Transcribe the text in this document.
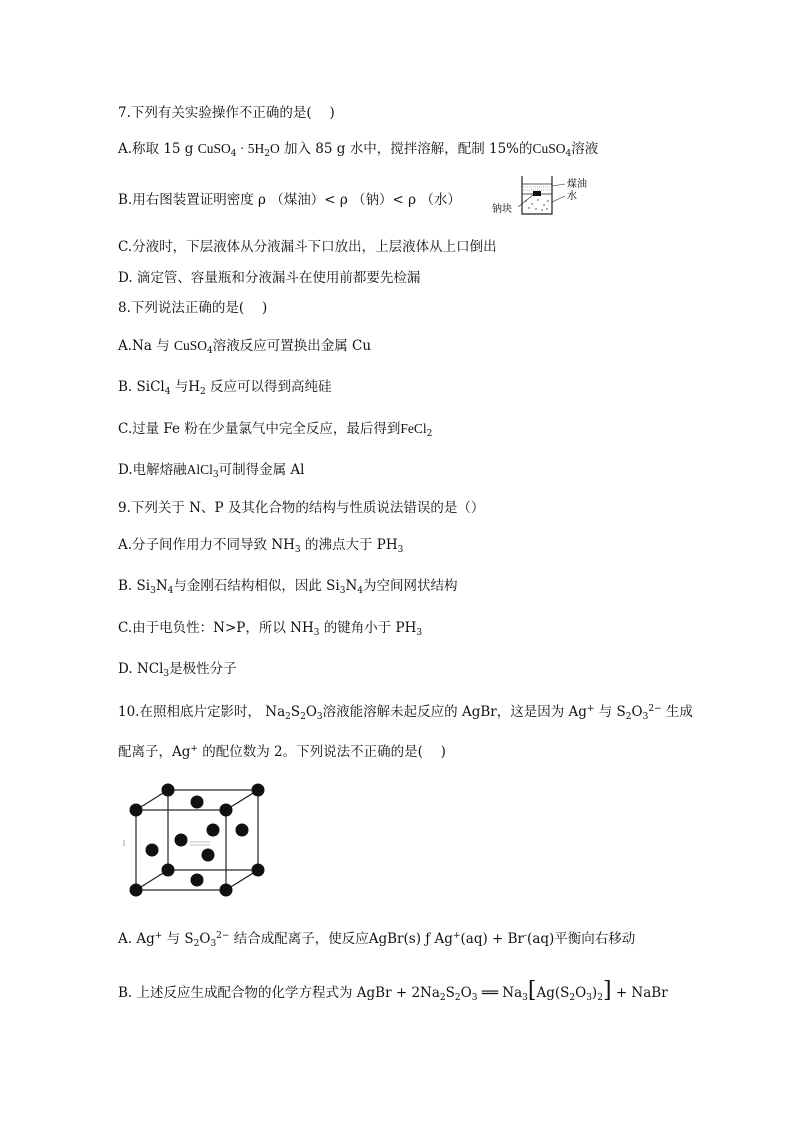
7.下列有关实验操作不正确的是(　 )
A.称取 15 g CuSO$_4$ · $5H_2O$ 加入 85 g 水中，搅拌溶解，配制 15%的CuSO$_4$溶液
B.用右图装置证明密度 ρ （煤油）< ρ （钠）< ρ （水）
钠块
煤油
水
C.分液时，下层液体从分液漏斗下口放出，上层液体从上口倒出
D. 滴定管、容量瓶和分液漏斗在使用前都要先检漏
8.下列说法正确的是(　 )
A.Na 与 CuSO$_4$溶液反应可置换出金属 Cu
B. SiCl$_4$ 与$H_2$ 反应可以得到高纯硅
C.过量 Fe 粉在少量氯气中完全反应，最后得到FeCl$_2$
D.电解熔融AlCl$_3$可制得金属 Al
9.下列关于 N、P 及其化合物的结构与性质说法错误的是（）
A.分子间作用力不同导致 $NH_3$ 的沸点大于 $PH_3$
B. $Si_3N_4$与金刚石结构相似，因此 $Si_3N_4$为空间网状结构
C.由于电负性：N>P，所以 $NH_3$ 的键角小于 $PH_3$
D. NCl$_3$是极性分子
10.在照相底片定影时， $Na_2S_2O_3$溶液能溶解未起反应的 AgBr，这是因为 Ag+ 与 $S_2O_3^{2-}$ 生成
配离子，Ag+ 的配位数为 2。下列说法不正确的是(　 )
A. Ag+ 与 $S_2O_3^{2-}$ 结合成配离子，使反应AgBr(s) ƒ Ag+(aq) + Br-(aq)平衡向右移动
B. 上述反应生成配合物的化学方程式为 AgBr + $2Na_2S_2O_3$ ══ $Na_3[Ag(S_2O_3)_2]$ + NaBr
